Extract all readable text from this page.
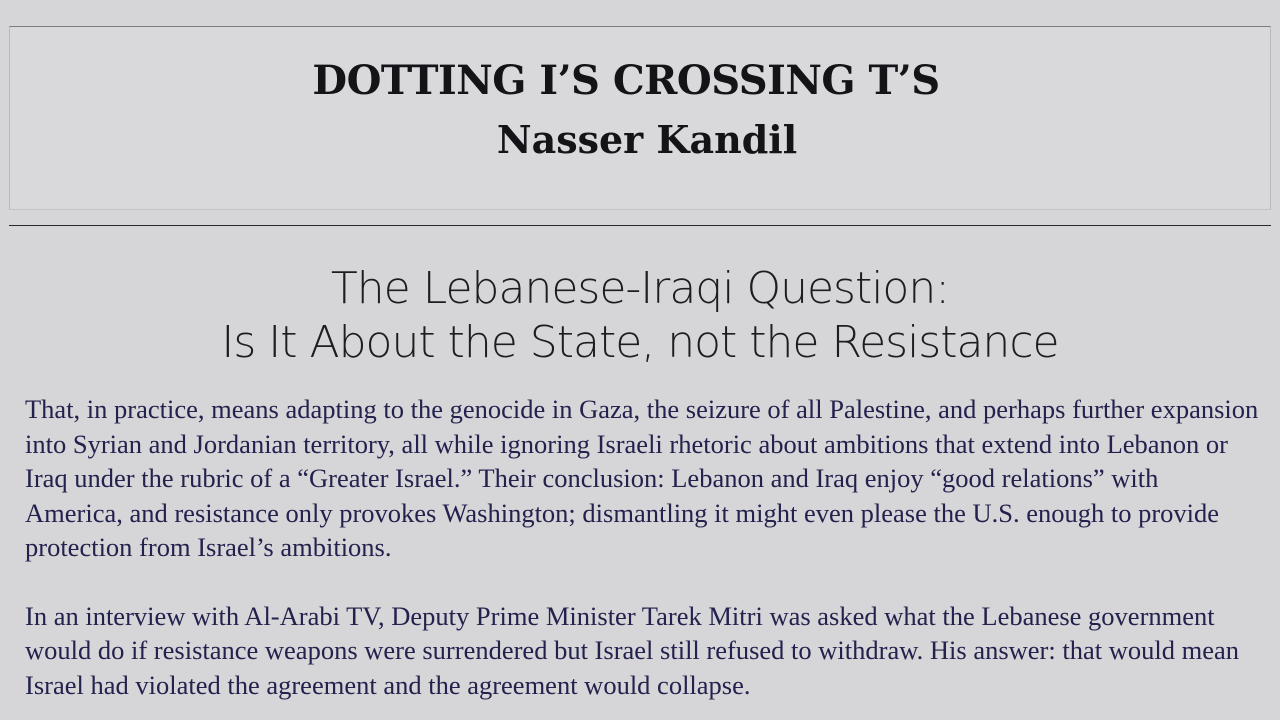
DOTTING I’S CROSSING T’S
Nasser Kandil
The Lebanese-Iraqi Question:
Is It About the State, not the Resistance

That, in practice, means adapting to the genocide in Gaza, the seizure of all Palestine, and perhaps further expansion into Syrian and Jordanian territory, all while ignoring Israeli rhetoric about ambitions that extend into Lebanon or Iraq under the rubric of a “Greater Israel.” Their conclusion: Lebanon and Iraq enjoy “good relations” with America, and resistance only provokes Washington; dismantling it might even please the U.S. enough to provide protection from Israel’s ambitions.

In an interview with Al-Arabi TV, Deputy Prime Minister Tarek Mitri was asked what the Lebanese government would do if resistance weapons were surrendered but Israel still refused to withdraw. His answer: that would mean Israel had violated the agreement and the agreement would collapse.
